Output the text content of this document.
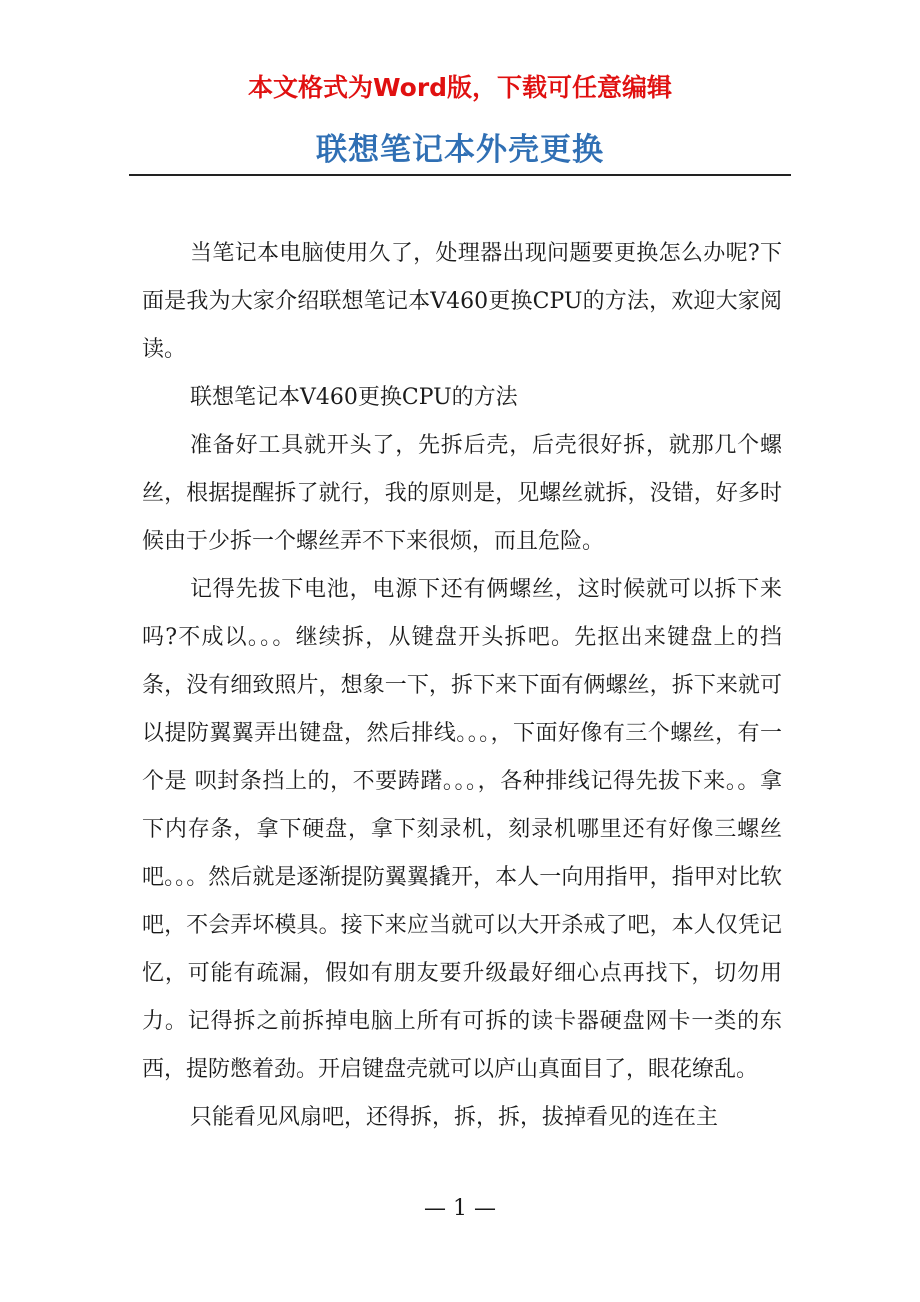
本文格式为Word版，下载可任意编辑
联想笔记本外壳更换

当笔记本电脑使用久了，处理器出现问题要更换怎么办呢?下面是我为大家介绍联想笔记本V460更换CPU的方法，欢迎大家阅读。

联想笔记本V460更换CPU的方法

准备好工具就开头了，先拆后壳，后壳很好拆，就那几个螺丝，根据提醒拆了就行，我的原则是，见螺丝就拆，没错，好多时候由于少拆一个螺丝弄不下来很烦，而且危险。

记得先拔下电池，电源下还有俩螺丝，这时候就可以拆下来吗?不成以。。。继续拆，从键盘开头拆吧。先抠出来键盘上的挡条，没有细致照片，想象一下，拆下来下面有俩螺丝，拆下来就可以提防翼翼弄出键盘，然后排线。。。，下面好像有三个螺丝，有一个是 呗封条挡上的，不要踌躇。。。，各种排线记得先拔下来。。拿下内存条，拿下硬盘，拿下刻录机，刻录机哪里还有好像三螺丝吧。。。然后就是逐渐提防翼翼撬开，本人一向用指甲，指甲对比软吧，不会弄坏模具。接下来应当就可以大开杀戒了吧，本人仅凭记忆，可能有疏漏，假如有朋友要升级最好细心点再找下，切勿用力。记得拆之前拆掉电脑上所有可拆的读卡器硬盘网卡一类的东西，提防憋着劲。开启键盘壳就可以庐山真面目了，眼花缭乱。

只能看见风扇吧，还得拆，拆，拆，拔掉看见的连在主

— 1 —
